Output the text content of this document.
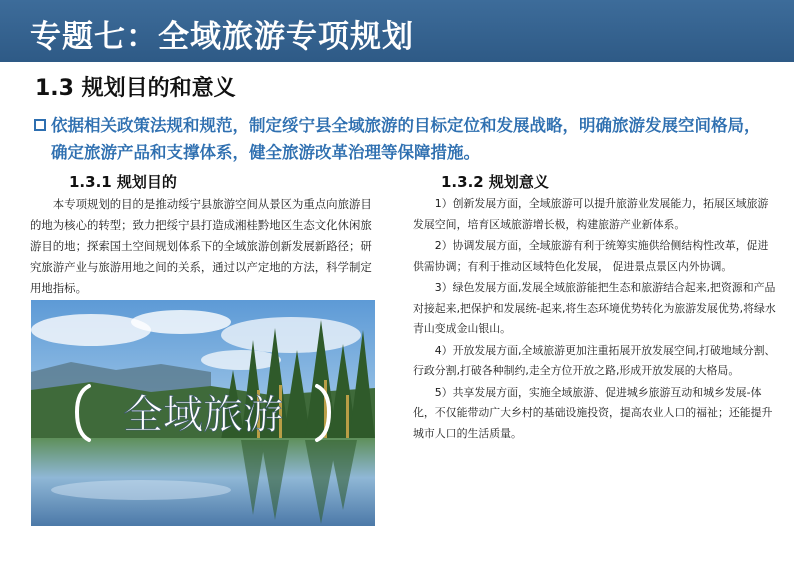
专题七：全域旅游专项规划
1.3 规划目的和意义
依据相关政策法规和规范，制定绥宁县全域旅游的目标定位和发展战略，明确旅游发展空间格局，确定旅游产品和支撑体系，健全旅游改革治理等保障措施。
1.3.1 规划目的

本专项规划的目的是推动绥宁县旅游空间从景区为重点向旅游目的地为核心的转型；致力把绥宁县打造成湘桂黔地区生态文化休闲旅游目的地；探索国土空间规划体系下的全域旅游创新发展新路径；研究旅游产业与旅游用地之间的关系，通过以产定地的方法，科学制定用地指标。

全域旅游
1.3.2 规划意义

1）创新发展方面，全域旅游可以提升旅游业发展能力，拓展区域旅游发展空间，培育区域旅游增长极，构建旅游产业新体系。

2）协调发展方面，全域旅游有利于统筹实施供给侧结构性改革，促进供需协调；有利于推动区域特色化发展， 促进景点景区内外协调。

3）绿色发展方面,发展全域旅游能把生态和旅游结合起来,把资源和产品对接起来,把保护和发展统-起来,将生态环境优势转化为旅游发展优势,将绿水青山变成金山银山。

4）开放发展方面,全域旅游更加注重拓展开放发展空间,打破地域分割、行政分割,打破各种制约,走全方位开放之路,形成开放发展的大格局。

5）共享发展方面，实施全域旅游、促进城乡旅游互动和城乡发展-体化，不仅能带动广大乡村的基础设施投资，提高农业人口的福祉；还能提升城市人口的生活质量。
